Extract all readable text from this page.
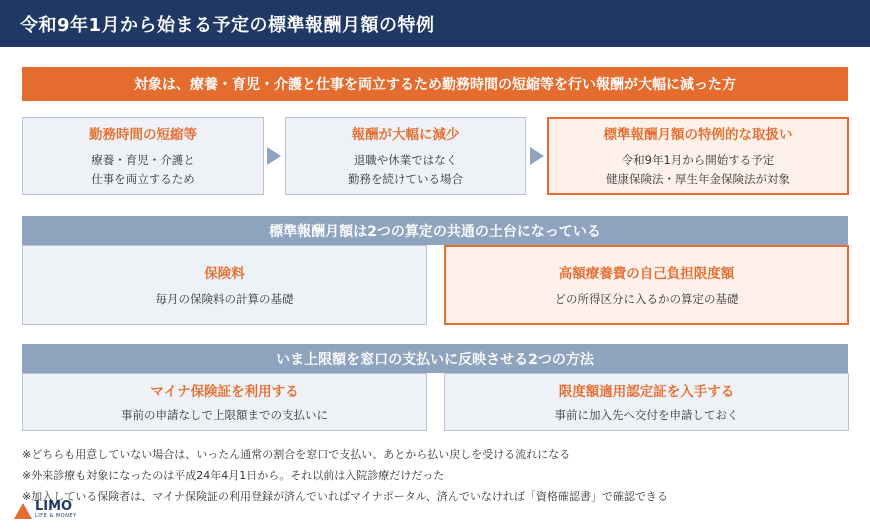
令和9年1月から始まる予定の標準報酬月額の特例
対象は、療養・育児・介護と仕事を両立するため勤務時間の短縮等を行い報酬が大幅に減った方
勤務時間の短縮等
療養・育児・介護と
仕事を両立するため
報酬が大幅に減少
退職や休業ではなく
勤務を続けている場合
標準報酬月額の特例的な取扱い
令和9年1月から開始する予定
健康保険法・厚生年金保険法が対象
標準報酬月額は2つの算定の共通の土台になっている
保険料
毎月の保険料の計算の基礎
高額療養費の自己負担限度額
どの所得区分に入るかの算定の基礎
いま上限額を窓口の支払いに反映させる2つの方法
マイナ保険証を利用する
事前の申請なしで上限額までの支払いに
限度額適用認定証を入手する
事前に加入先へ交付を申請しておく
※どちらも用意していない場合は、いったん通常の割合を窓口で支払い、あとから払い戻しを受ける流れになる
※外来診療も対象になったのは平成24年4月1日から。それ以前は入院診療だけだった
※加入している保険者は、マイナ保険証の利用登録が済んでいればマイナポータル、済んでいなければ「資格確認書」で確認できる
LIMO
LIFE & MONEY
